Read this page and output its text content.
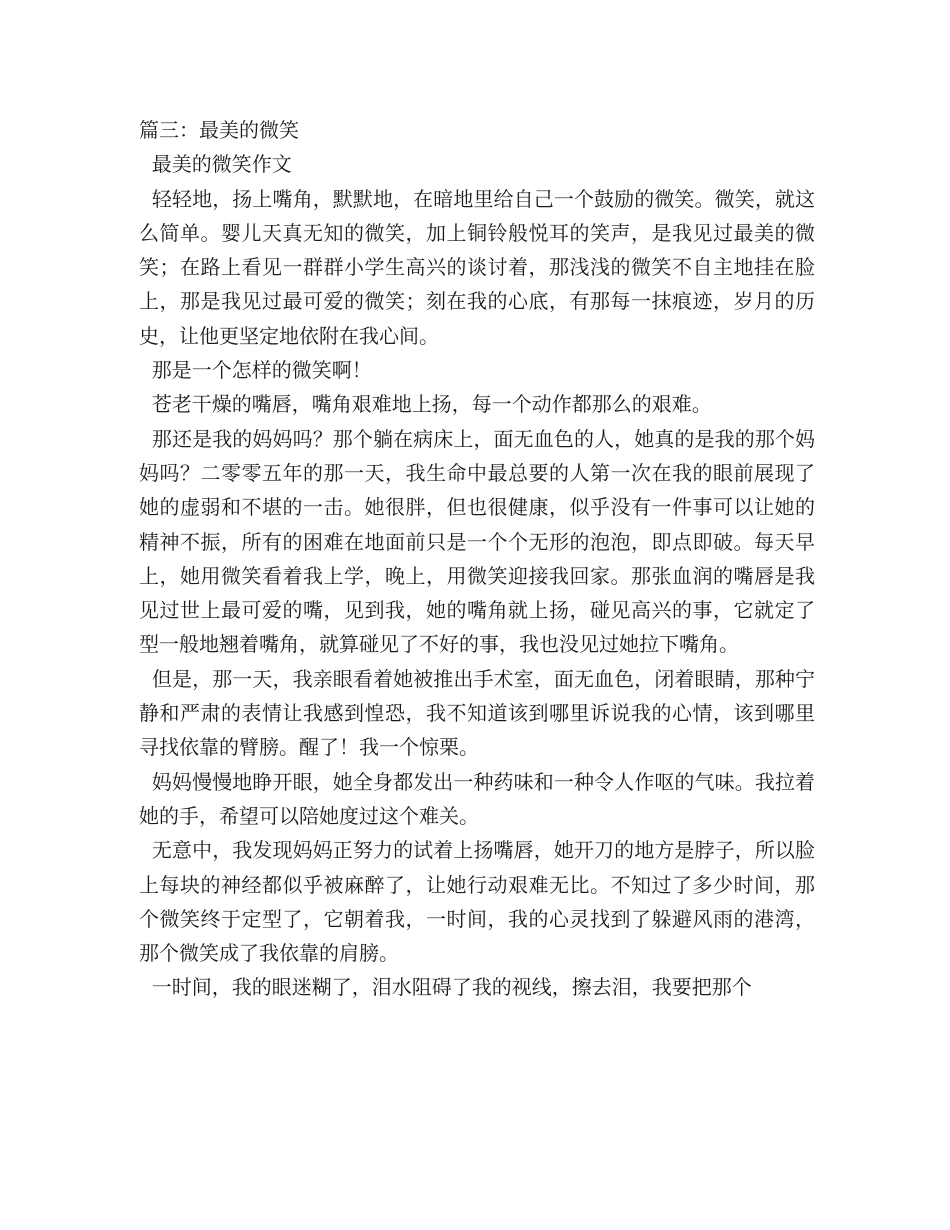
篇三：最美的微笑

最美的微笑作文

轻轻地，扬上嘴角，默默地，在暗地里给自己一个鼓励的微笑。微笑，就这么简单。婴儿天真无知的微笑，加上铜铃般悦耳的笑声，是我见过最美的微笑；在路上看见一群群小学生高兴的谈讨着，那浅浅的微笑不自主地挂在脸上，那是我见过最可爱的微笑；刻在我的心底，有那每一抹痕迹，岁月的历史，让他更坚定地依附在我心间。

那是一个怎样的微笑啊！

苍老干燥的嘴唇，嘴角艰难地上扬，每一个动作都那么的艰难。

那还是我的妈妈吗？那个躺在病床上，面无血色的人，她真的是我的那个妈妈吗？二零零五年的那一天，我生命中最总要的人第一次在我的眼前展现了她的虚弱和不堪的一击。她很胖，但也很健康，似乎没有一件事可以让她的精神不振，所有的困难在地面前只是一个个无形的泡泡，即点即破。每天早上，她用微笑看着我上学，晚上，用微笑迎接我回家。那张血润的嘴唇是我见过世上最可爱的嘴，见到我，她的嘴角就上扬，碰见高兴的事，它就定了型一般地翘着嘴角，就算碰见了不好的事，我也没见过她拉下嘴角。

但是，那一天，我亲眼看着她被推出手术室，面无血色，闭着眼睛，那种宁静和严肃的表情让我感到惶恐，我不知道该到哪里诉说我的心情，该到哪里寻找依靠的臂膀。醒了！我一个惊栗。

妈妈慢慢地睁开眼，她全身都发出一种药味和一种令人作呕的气味。我拉着她的手，希望可以陪她度过这个难关。

无意中，我发现妈妈正努力的试着上扬嘴唇，她开刀的地方是脖子，所以脸上每块的神经都似乎被麻醉了，让她行动艰难无比。不知过了多少时间，那个微笑终于定型了，它朝着我，一时间，我的心灵找到了躲避风雨的港湾，那个微笑成了我依靠的肩膀。

一时间，我的眼迷糊了，泪水阻碍了我的视线，擦去泪，我要把那个
